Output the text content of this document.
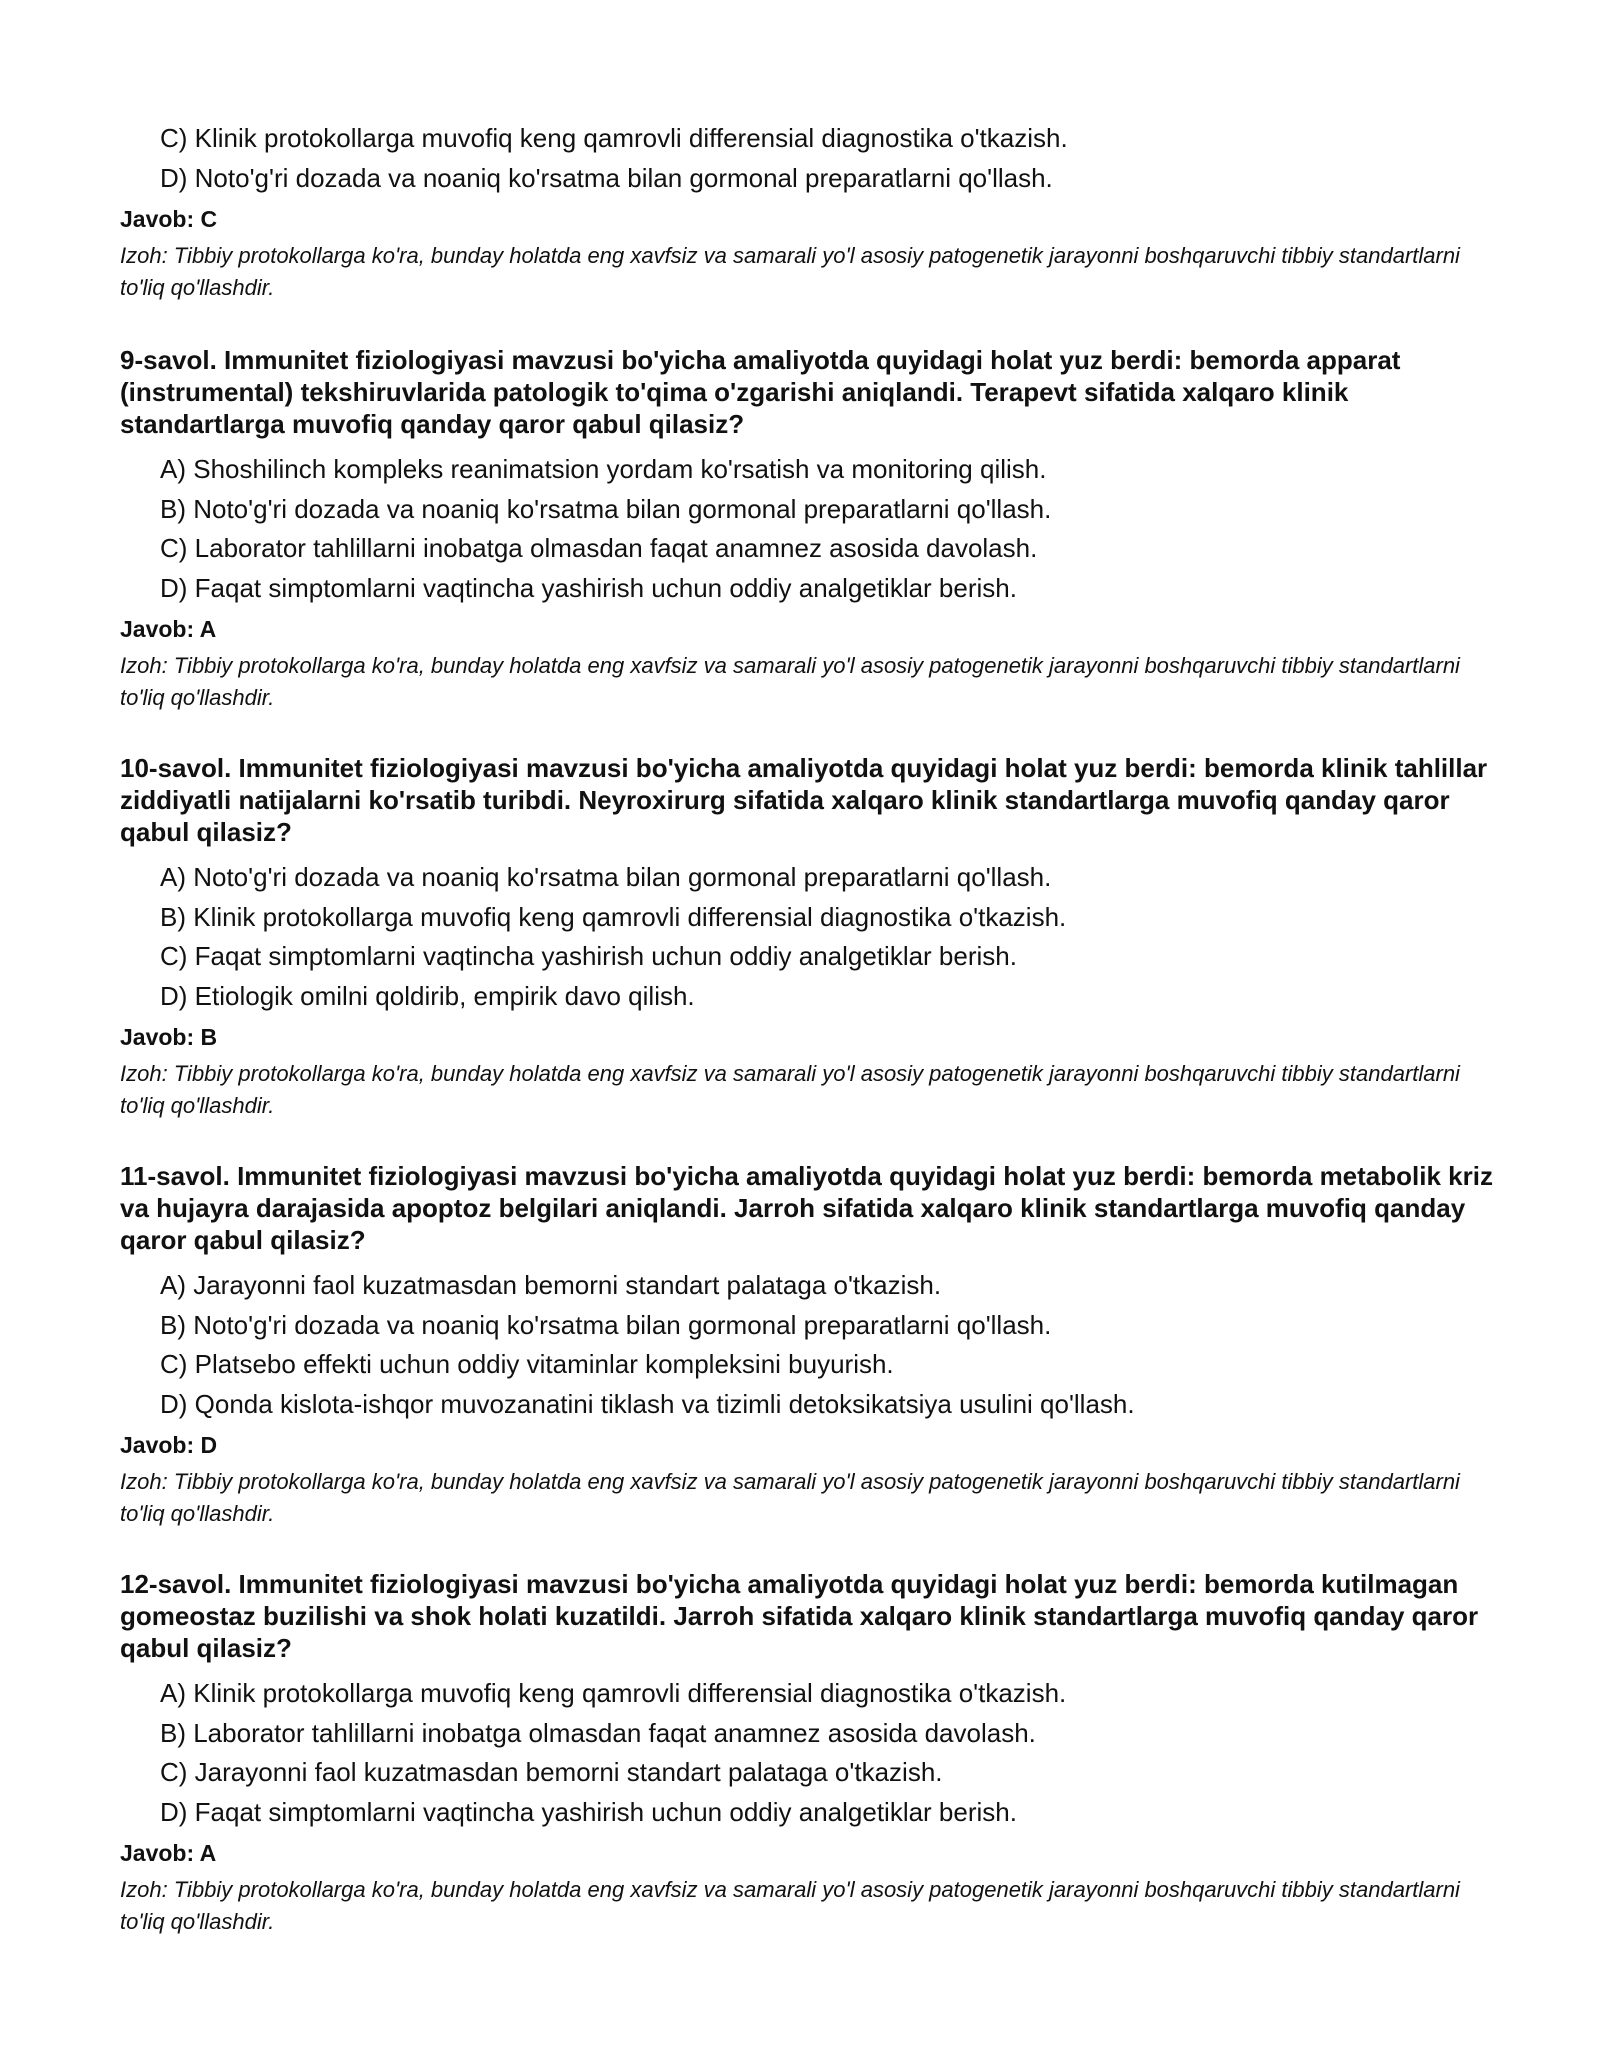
C) Klinik protokollarga muvofiq keng qamrovli differensial diagnostika o'tkazish.
D) Noto'g'ri dozada va noaniq ko'rsatma bilan gormonal preparatlarni qo'llash.
Javob: C
Izoh: Tibbiy protokollarga ko'ra, bunday holatda eng xavfsiz va samarali yo'l asosiy patogenetik jarayonni boshqaruvchi tibbiy standartlarni to'liq qo'llashdir.
9-savol. Immunitet fiziologiyasi mavzusi bo'yicha amaliyotda quyidagi holat yuz berdi: bemorda apparat (instrumental) tekshiruvlarida patologik to'qima o'zgarishi aniqlandi. Terapevt sifatida xalqaro klinik standartlarga muvofiq qanday qaror qabul qilasiz?
A) Shoshilinch kompleks reanimatsion yordam ko'rsatish va monitoring qilish.
B) Noto'g'ri dozada va noaniq ko'rsatma bilan gormonal preparatlarni qo'llash.
C) Laborator tahlillarni inobatga olmasdan faqat anamnez asosida davolash.
D) Faqat simptomlarni vaqtincha yashirish uchun oddiy analgetiklar berish.
Javob: A
Izoh: Tibbiy protokollarga ko'ra, bunday holatda eng xavfsiz va samarali yo'l asosiy patogenetik jarayonni boshqaruvchi tibbiy standartlarni to'liq qo'llashdir.
10-savol. Immunitet fiziologiyasi mavzusi bo'yicha amaliyotda quyidagi holat yuz berdi: bemorda klinik tahlillar ziddiyatli natijalarni ko'rsatib turibdi. Neyroxirurg sifatida xalqaro klinik standartlarga muvofiq qanday qaror qabul qilasiz?
A) Noto'g'ri dozada va noaniq ko'rsatma bilan gormonal preparatlarni qo'llash.
B) Klinik protokollarga muvofiq keng qamrovli differensial diagnostika o'tkazish.
C) Faqat simptomlarni vaqtincha yashirish uchun oddiy analgetiklar berish.
D) Etiologik omilni qoldirib, empirik davo qilish.
Javob: B
Izoh: Tibbiy protokollarga ko'ra, bunday holatda eng xavfsiz va samarali yo'l asosiy patogenetik jarayonni boshqaruvchi tibbiy standartlarni to'liq qo'llashdir.
11-savol. Immunitet fiziologiyasi mavzusi bo'yicha amaliyotda quyidagi holat yuz berdi: bemorda metabolik kriz va hujayra darajasida apoptoz belgilari aniqlandi. Jarroh sifatida xalqaro klinik standartlarga muvofiq qanday qaror qabul qilasiz?
A) Jarayonni faol kuzatmasdan bemorni standart palataga o'tkazish.
B) Noto'g'ri dozada va noaniq ko'rsatma bilan gormonal preparatlarni qo'llash.
C) Platsebo effekti uchun oddiy vitaminlar kompleksini buyurish.
D) Qonda kislota-ishqor muvozanatini tiklash va tizimli detoksikatsiya usulini qo'llash.
Javob: D
Izoh: Tibbiy protokollarga ko'ra, bunday holatda eng xavfsiz va samarali yo'l asosiy patogenetik jarayonni boshqaruvchi tibbiy standartlarni to'liq qo'llashdir.
12-savol. Immunitet fiziologiyasi mavzusi bo'yicha amaliyotda quyidagi holat yuz berdi: bemorda kutilmagan gomeostaz buzilishi va shok holati kuzatildi. Jarroh sifatida xalqaro klinik standartlarga muvofiq qanday qaror qabul qilasiz?
A) Klinik protokollarga muvofiq keng qamrovli differensial diagnostika o'tkazish.
B) Laborator tahlillarni inobatga olmasdan faqat anamnez asosida davolash.
C) Jarayonni faol kuzatmasdan bemorni standart palataga o'tkazish.
D) Faqat simptomlarni vaqtincha yashirish uchun oddiy analgetiklar berish.
Javob: A
Izoh: Tibbiy protokollarga ko'ra, bunday holatda eng xavfsiz va samarali yo'l asosiy patogenetik jarayonni boshqaruvchi tibbiy standartlarni to'liq qo'llashdir.
